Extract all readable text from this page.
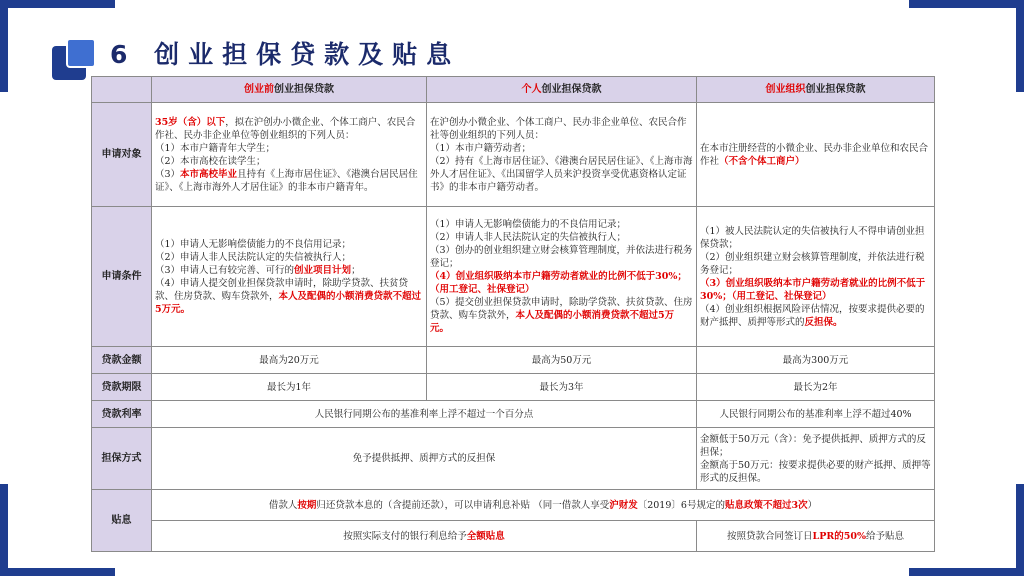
6 创业担保贷款及贴息
	创业前创业担保贷款	个人创业担保贷款	创业组织创业担保贷款
申请对象	35岁（含）以下，拟在沪创办小微企业、个体工商户、农民合作社、民办非企业单位等创业组织的下列人员：
（1）本市户籍青年大学生；
（2）本市高校在读学生；
（3）本市高校毕业且持有《上海市居住证》、《港澳台居民居住证》、《上海市海外人才居住证》的非本市户籍青年。	在沪创办小微企业、个体工商户、民办非企业单位、农民合作社等创业组织的下列人员：
（1）本市户籍劳动者；
（2）持有《上海市居住证》、《港澳台居民居住证》、《上海市海外人才居住证》、《出国留学人员来沪投资享受优惠资格认定证书》的非本市户籍劳动者。	在本市注册经营的小微企业、民办非企业单位和农民合作社（不含个体工商户）
申请条件	（1）申请人无影响偿债能力的不良信用记录；
（2）申请人非人民法院认定的失信被执行人；
（3）申请人已有较完善、可行的创业项目计划；
（4）申请人提交创业担保贷款申请时，除助学贷款、扶贫贷款、住房贷款、购车贷款外，本人及配偶的小额消费贷款不超过5万元。	（1）申请人无影响偿债能力的不良信用记录；
（2）申请人非人民法院认定的失信被执行人；
（3）创办的创业组织建立财会核算管理制度，并依法进行税务登记；
（4）创业组织吸纳本市户籍劳动者就业的比例不低于30%；（用工登记、社保登记）
（5）提交创业担保贷款申请时，除助学贷款、扶贫贷款、住房贷款、购车贷款外，本人及配偶的小额消费贷款不超过5万元。	（1）被人民法院认定的失信被执行人不得申请创业担保贷款；
（2）创业组织建立财会核算管理制度，并依法进行税务登记；
（3）创业组织吸纳本市户籍劳动者就业的比例不低于30%；（用工登记、社保登记）
（4）创业组织根据风险评估情况，按要求提供必要的财产抵押、质押等形式的反担保。

贷款金额	最高为20万元	最高为50万元	最高为300万元
贷款期限	最长为1年	最长为3年	最长为2年
贷款利率	人民银行同期公布的基准利率上浮不超过一个百分点		人民银行同期公布的基准利率上浮不超过40%
担保方式	免予提供抵押、质押方式的反担保		金额低于50万元（含）：免予提供抵押、质押方式的反担保；
金额高于50万元：按要求提供必要的财产抵押、质押等形式的反担保。

贴息	借款人按期归还贷款本息的（含提前还款），可以申请利息补贴 （同一借款人享受沪财发〔2019〕6号规定的贴息政策不超过3次）		
	按照实际支付的银行利息给予全额贴息		按照贷款合同签订日LPR的50%给予贴息
